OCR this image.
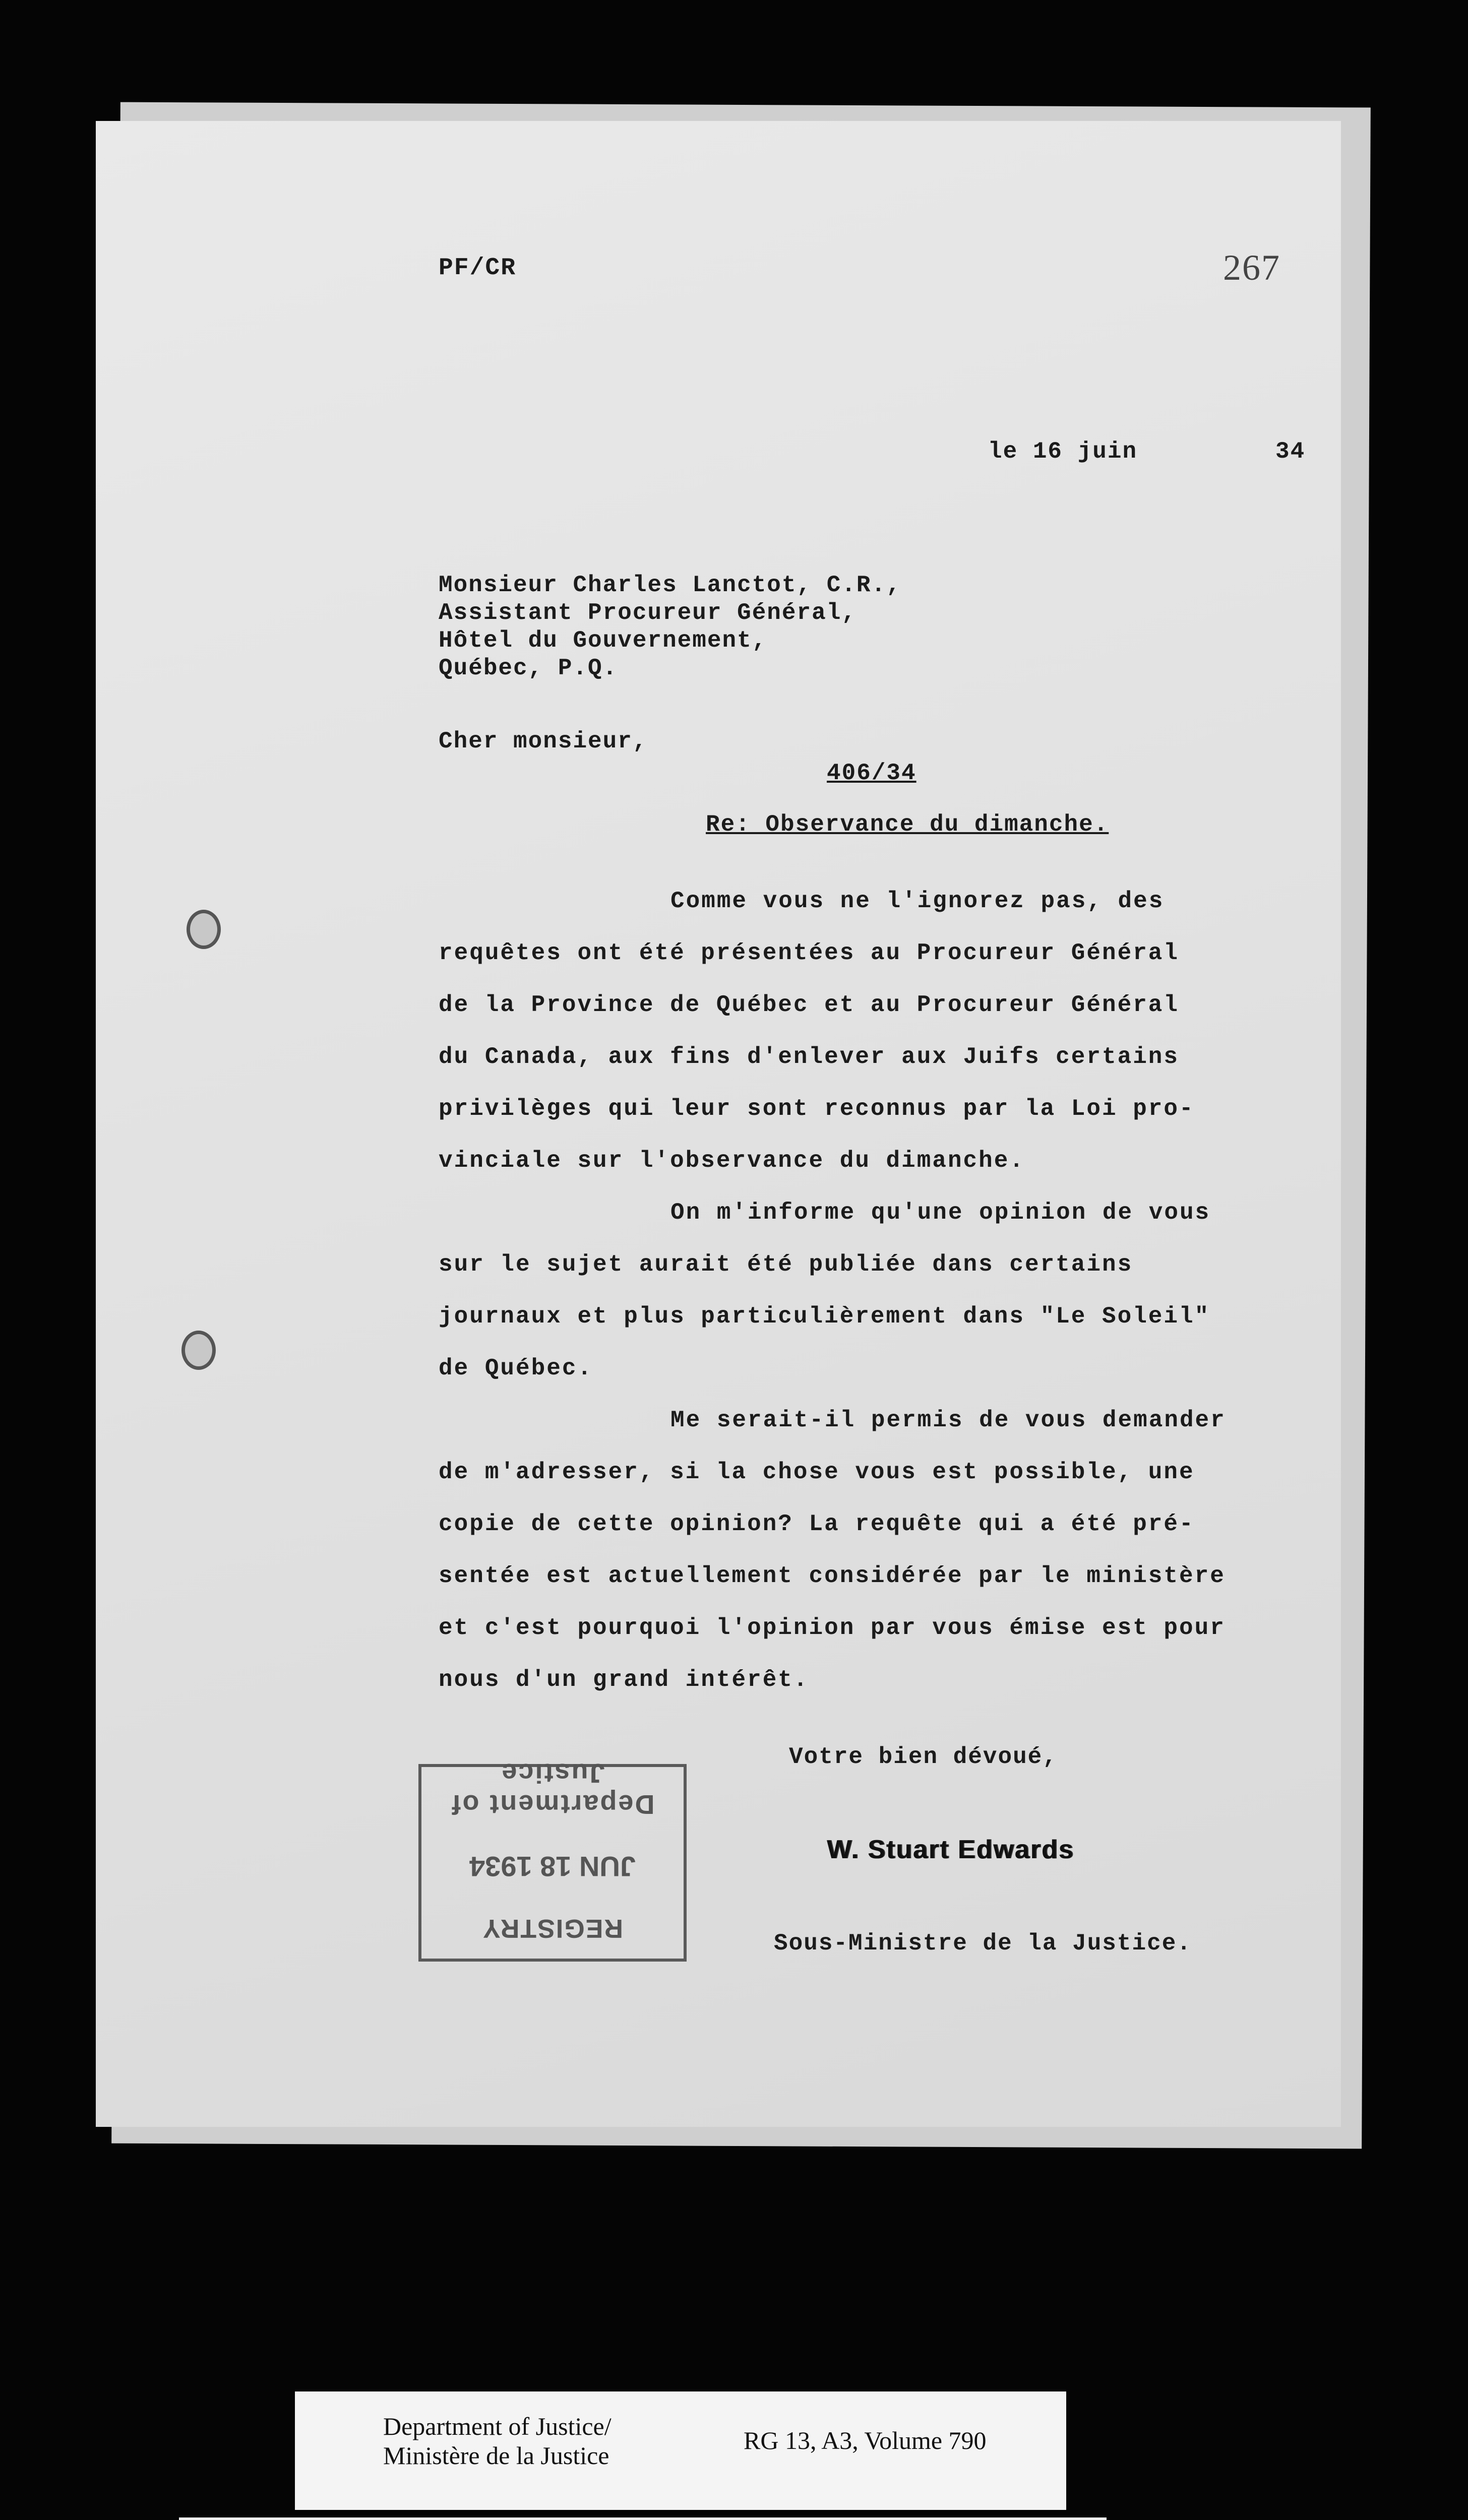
PF/CR	267
le 16 juin	34
Monsieur Charles Lanctot, C.R.,
Assistant Procureur Général,
Hôtel du Gouvernement,
Québec, P.Q.
Cher monsieur,
406/34
Re: Observance du dimanche.
Comme vous ne l'ignorez pas, des
requêtes ont été présentées au Procureur Général
de la Province de Québec et au Procureur Général
du Canada, aux fins d'enlever aux Juifs certains
privilèges qui leur sont reconnus par la Loi pro-
vinciale sur l'observance du dimanche.
On m'informe qu'une opinion de vous
sur le sujet aurait été publiée dans certains
journaux et plus particulièrement dans "Le Soleil"
de Québec.
Me serait-il permis de vous demander
de m'adresser, si la chose vous est possible, une
copie de cette opinion? La requête qui a été pré-
sentée est actuellement considérée par le ministère
et c'est pourquoi l'opinion par vous émise est pour
nous d'un grand intérêt.
Votre bien dévoué,
W. Stuart Edwards
Sous-Ministre de la Justice.
REGISTRY
JUN 18 1934
Department of Justice
Department of Justice/
Ministère de la Justice
RG 13, A3, Volume 790
